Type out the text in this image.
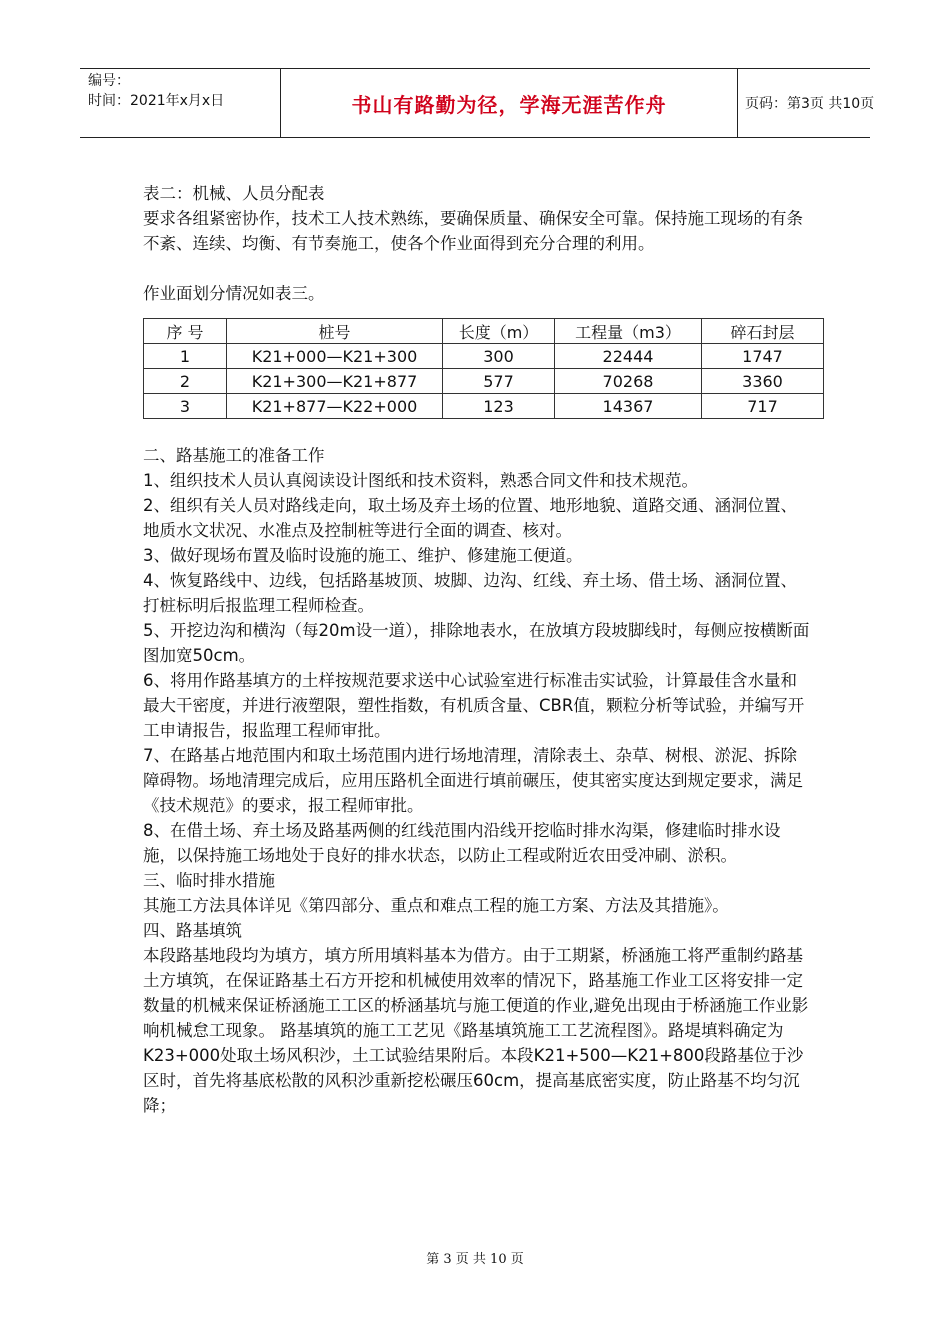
编号：
时间：2021年x月x日	书山有路勤为径，学海无涯苦作舟	页码：第3页 共10页

表二：机械、人员分配表

要求各组紧密协作，技术工人技术熟练，要确保质量、确保安全可靠。保持施工现场的有条不紊、连续、均衡、有节奏施工，使各个作业面得到充分合理的利用。

作业面划分情况如表三。

序 号	桩号	长度（m）	工程量（m3）	碎石封层
1	K21+000—K21+300	300	22444	1747
2	K21+300—K21+877	577	70268	3360
3	K21+877—K22+000	123	14367	717

二、路基施工的准备工作

1、组织技术人员认真阅读设计图纸和技术资料，熟悉合同文件和技术规范。

2、组织有关人员对路线走向，取土场及弃土场的位置、地形地貌、道路交通、涵洞位置、地质水文状况、水准点及控制桩等进行全面的调查、核对。

3、做好现场布置及临时设施的施工、维护、修建施工便道。

4、恢复路线中、边线，包括路基坡顶、坡脚、边沟、红线、弃土场、借土场、涵洞位置、打桩标明后报监理工程师检查。

5、开挖边沟和横沟（每20m设一道），排除地表水，在放填方段坡脚线时，每侧应按横断面图加宽50cm。

6、将用作路基填方的土样按规范要求送中心试验室进行标准击实试验，计算最佳含水量和最大干密度，并进行液塑限，塑性指数，有机质含量、CBR值，颗粒分析等试验，并编写开工申请报告，报监理工程师审批。

7、在路基占地范围内和取土场范围内进行场地清理，清除表土、杂草、树根、淤泥、拆除障碍物。场地清理完成后，应用压路机全面进行填前碾压，使其密实度达到规定要求，满足《技术规范》的要求，报工程师审批。

8、在借土场、弃土场及路基两侧的红线范围内沿线开挖临时排水沟渠，修建临时排水设施，以保持施工场地处于良好的排水状态，以防止工程或附近农田受冲刷、淤积。

三、临时排水措施

其施工方法具体详见《第四部分、重点和难点工程的施工方案、方法及其措施》。

四、路基填筑

本段路基地段均为填方，填方所用填料基本为借方。由于工期紧，桥涵施工将严重制约路基土方填筑，在保证路基土石方开挖和机械使用效率的情况下，路基施工作业工区将安排一定数量的机械来保证桥涵施工工区的桥涵基坑与施工便道的作业,避免出现由于桥涵施工作业影响机械怠工现象。 路基填筑的施工工艺见《路基填筑施工工艺流程图》。路堤填料确定为K23+000处取土场风积沙，土工试验结果附后。本段K21+500—K21+800段路基位于沙区时，首先将基底松散的风积沙重新挖松碾压60cm，提高基底密实度，防止路基不均匀沉降；

第 3 页 共 10 页
